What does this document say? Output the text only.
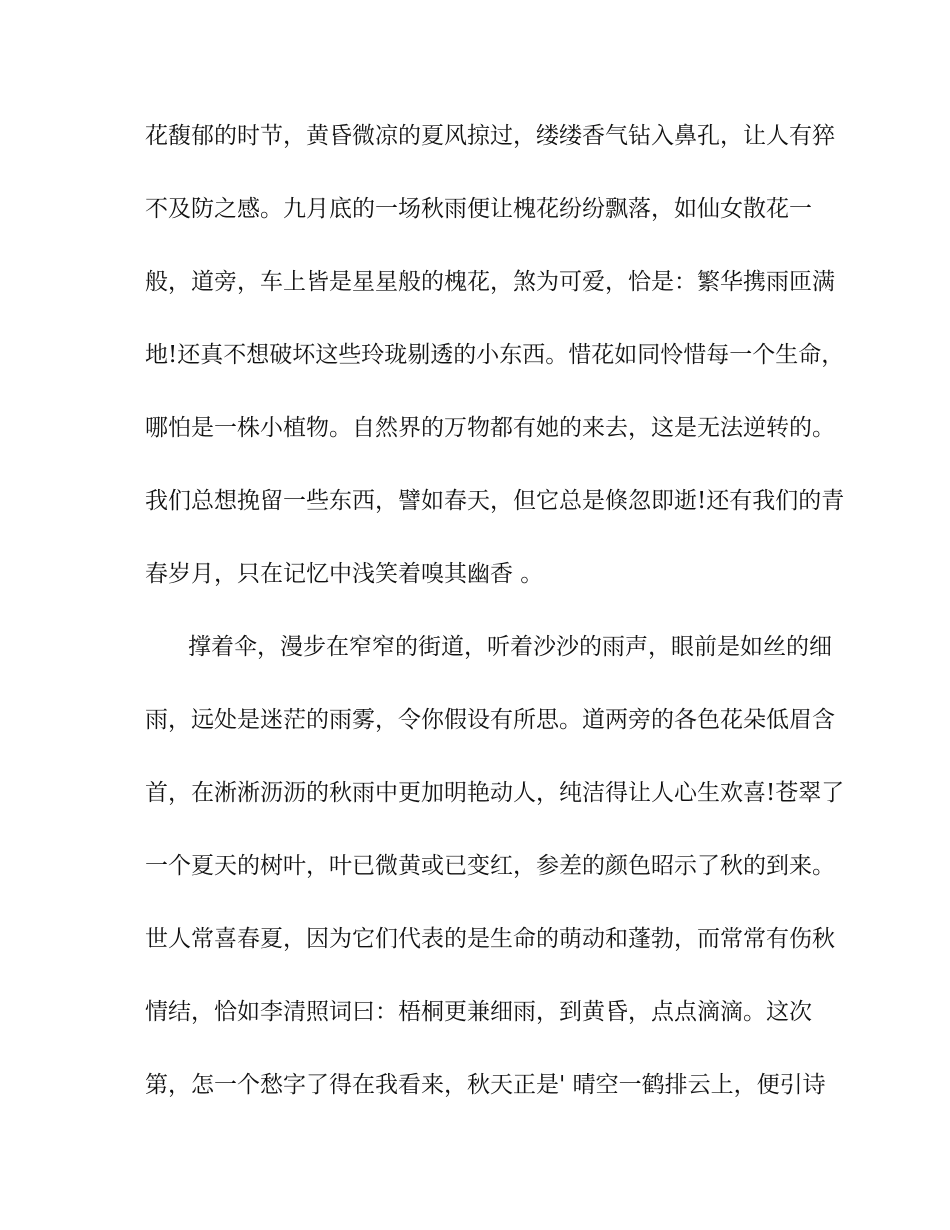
花馥郁的时节，黄昏微凉的夏风掠过，缕缕香气钻入鼻孔，让人有猝
不及防之感。九月底的一场秋雨便让槐花纷纷飘落，如仙女散花一
般，道旁，车上皆是星星般的槐花，煞为可爱，恰是：繁华携雨匝满
地!还真不想破坏这些玲珑剔透的小东西。惜花如同怜惜每一个生命，
哪怕是一株小植物。自然界的万物都有她的来去，这是无法逆转的。
我们总想挽留一些东西，譬如春天，但它总是倏忽即逝!还有我们的青
春岁月，只在记忆中浅笑着嗅其幽香 。
撑着伞，漫步在窄窄的街道，听着沙沙的雨声，眼前是如丝的细
雨，远处是迷茫的雨雾，令你假设有所思。道两旁的各色花朵低眉含
首，在淅淅沥沥的秋雨中更加明艳动人，纯洁得让人心生欢喜!苍翠了
一个夏天的树叶，叶已微黄或已变红，参差的颜色昭示了秋的到来。
世人常喜春夏，因为它们代表的是生命的萌动和蓬勃，而常常有伤秋
情结，恰如李清照词曰：梧桐更兼细雨，到黄昏，点点滴滴。这次
第，怎一个愁字了得在我看来，秋天正是' 晴空一鹤排云上，便引诗
